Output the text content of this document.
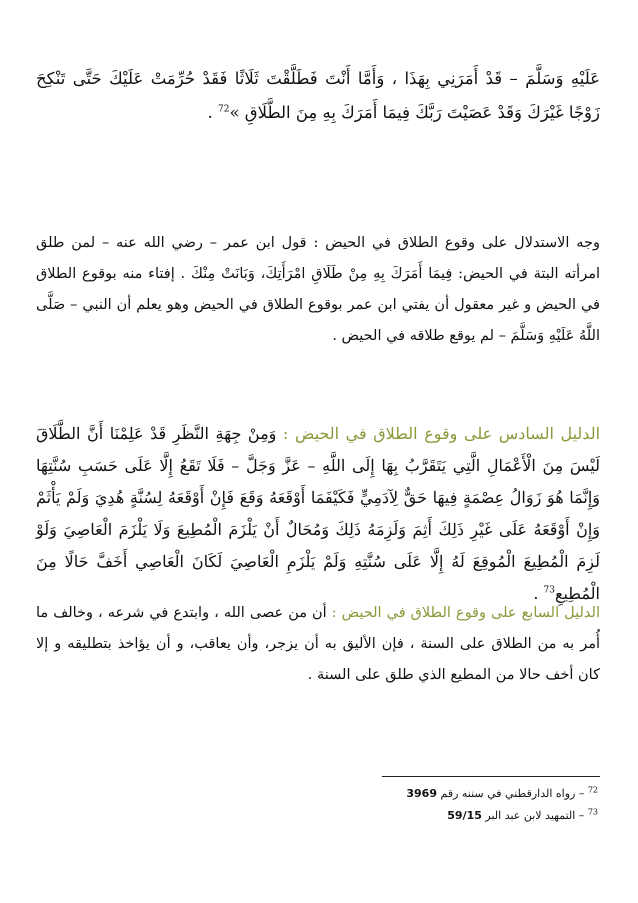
عَلَيْهِ وَسَلَّمَ – قَدْ أَمَرَنِي بِهَذَا ، وَأَمَّا أَنْتَ فَطَلَّقْتَ ثَلَاثًا فَقَدْ حُرِّمَتْ عَلَيْكَ حَتَّى تَنْكِحَ زَوْجًا غَيْرَكَ وَقَدْ عَصَيْتَ رَبَّكَ فِيمَا أَمَرَكَ بِهِ مِنَ الطَّلَاقِ »$^{72}$ .

وجه الاستدلال على وقوع الطلاق في الحيض : قول ابن عمر – رضي الله عنه – لمن طلق امرأته البتة في الحيض: فِيمَا أَمَرَكَ بِهِ مِنْ طَلَاقِ امْرَأَتِكَ، وَبَانَتْ مِنْكَ . إفتاء منه بوقوع الطلاق في الحيض و غير معقول أن يفتي ابن عمر بوقوع الطلاق في الحيض وهو يعلم أن النبي – صَلَّى اللَّهُ عَلَيْهِ وَسَلَّمَ – لم يوقع طلاقه في الحيض .

الدليل السادس على وقوع الطلاق في الحيض : وَمِنْ جِهَةِ النَّظَرِ قَدْ عَلِمْنَا أَنَّ الطَّلَاقَ لَيْسَ مِنَ الْأَعْمَالِ الَّتِي يَتَقَرَّبُ بِهَا إِلَى اللَّهِ – عَزَّ وَجَلَّ – فَلَا تَقَعُ إِلَّا عَلَى حَسَبِ سُنَّتِهَا وَإِنَّمَا هُوَ زَوَالُ عِصْمَةٍ فِيهَا حَقٌّ لِآدَمِيٍّ فَكَيْفَمَا أَوْقَعَهُ وَقَعَ فَإِنْ أَوْقَعَهُ لِسُنَّةٍ هُدِيَ وَلَمْ يَأْثَمْ وَإِنْ أَوْقَعَهُ عَلَى غَيْرِ ذَلِكَ أَثِمَ وَلَزِمَهُ ذَلِكَ وَمُحَالٌ أَنْ يَلْزَمَ الْمُطِيعَ وَلَا يَلْزَمَ الْعَاصِيَ وَلَوْ لَزِمَ الْمُطِيعَ الْمُوقِعَ لَهُ إِلَّا عَلَى سُنَّتِهِ وَلَمْ يَلْزَمِ الْعَاصِيَ لَكَانَ الْعَاصِي أَخَفَّ حَالًا مِنَ الْمُطِيعِ$^{73}$ .

الدليل السابع على وقوع الطلاق في الحيض : أن من عصى الله ، وابتدع في شرعه ، وخالف ما أُمر به من الطلاق على السنة ، فإن الأليق به أن يزجر، وأن يعاقب، و أن يؤاخذ بتطليقه و إلا كان أخف حالا من المطيع الذي طلق على السنة .

$^{72}$ – رواه الدارقطني في سننه رقم 3969
$^{73}$ – التمهيد لابن عبد البر 59/15
